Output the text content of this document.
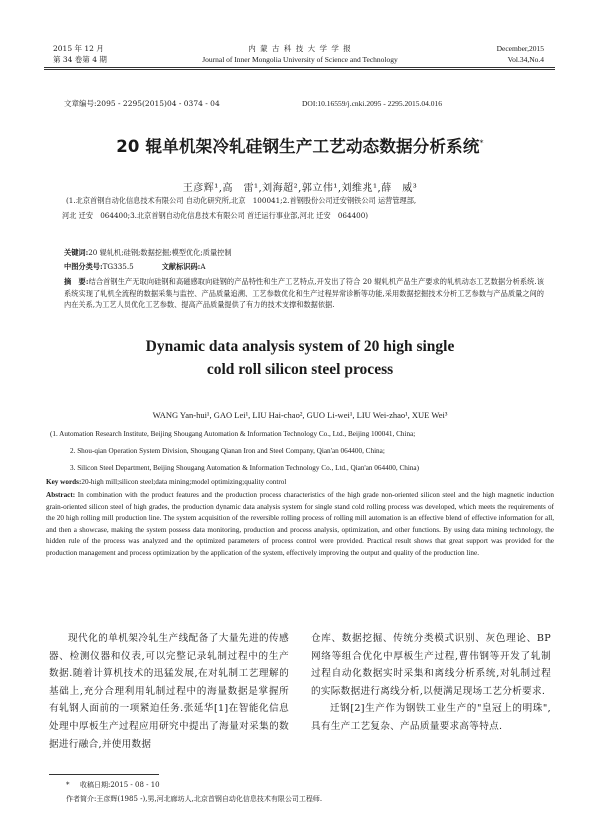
2015 年 12 月
第 34 卷第 4 期
内 蒙 古 科 技 大 学 学 报
Journal of Inner Mongolia University of Science and Technology
December,2015
Vol.34,No.4
文章编号:2095 - 2295(2015)04 - 0374 - 04	DOI:10.16559/j.cnki.2095 - 2295.2015.04.016
20 辊单机架冷轧硅钢生产工艺动态数据分析系统*
王彦辉¹,高　雷¹,刘海超²,郭立伟¹,刘维兆¹,薛　威³
(1.北京首钢自动化信息技术有限公司 自动化研究所,北京　100041;2.首钢股份公司迁安钢铁公司 运营管理部,
河北 迁安　064400;3.北京首钢自动化信息技术有限公司 首迁运行事业部,河北 迁安　064400)
关键词:20 辊轧机;硅钢;数据挖掘;模型优化;质量控制
中图分类号:TG335.5	文献标识码:A
摘　要:结合首钢生产无取向硅钢和高磁感取向硅钢的产品特性和生产工艺特点,开发出了符合 20 辊轧机产品生产要求的轧机动态工艺数据分析系统.该系统实现了轧机全流程的数据采集与监控、产品质量追溯、工艺参数优化和生产过程异常诊断等功能,采用数据挖掘技术分析工艺参数与产品质量之间的内在关系,为工艺人员优化工艺参数、提高产品质量提供了有力的技术支撑和数据依据.
Dynamic data analysis system of 20 high single
cold roll silicon steel process
WANG Yan-hui¹, GAO Lei¹, LIU Hai-chao², GUO Li-wei¹, LIU Wei-zhao¹, XUE Wei³
(1. Automation Research Institute, Beijing Shougang Automation & Information Technology Co., Ltd., Beijing 100041, China;
2. Shou-qian Operation System Division, Shougang Qianan Iron and Steel Company, Qian'an 064400, China;
3. Silicon Steel Department, Beijing Shougang Automation & Information Technology Co., Ltd., Qian'an 064400, China)
Key words:20-high mill;silicon steel;data mining;model optimizing;quality control
Abstract: In combination with the product features and the production process characteristics of the high grade non-oriented silicon steel and the high magnetic induction grain-oriented silicon steel of high grades, the production dynamic data analysis system for single stand cold rolling process was developed, which meets the requirements of the 20 high rolling mill production line. The system acquisition of the reversible rolling process of rolling mill automation is an effective blend of effective information for all, and then a showcase, making the system possess data monitoring, production and process analysis, optimization, and other functions. By using data mining technology, the hidden rule of the process was analyzed and the optimized parameters of process control were provided. Practical result shows that great support was provided for the production management and process optimization by the application of the system, effectively improving the output and quality of the production line.
现代化的单机架冷轧生产线配备了大量先进的传感器、检测仪器和仪表,可以完整记录轧制过程中的生产数据.随着计算机技术的迅猛发展,在对轧制工艺理解的基础上,充分合理利用轧制过程中的海量数据是掌握所有轧钢人面前的一项紧迫任务.张延华[1]在智能化信息处理中厚板生产过程应用研究中提出了海量对采集的数据进行融合,并使用数据
仓库、数据挖掘、传统分类模式识别、灰色理论、BP 网络等组合优化中厚板生产过程,曹伟钢等开发了轧制过程自动化数据实时采集和离线分析系统,对轧制过程的实际数据进行离线分析,以便满足现场工艺分析要求.
迁钢[2]生产作为钢铁工业生产的"皇冠上的明珠",具有生产工艺复杂、产品质量要求高等特点.
* 收稿日期:2015 - 08 - 10
作者简介:王彦辉(1985 -),男,河北廊坊人,北京首钢自动化信息技术有限公司工程师.
